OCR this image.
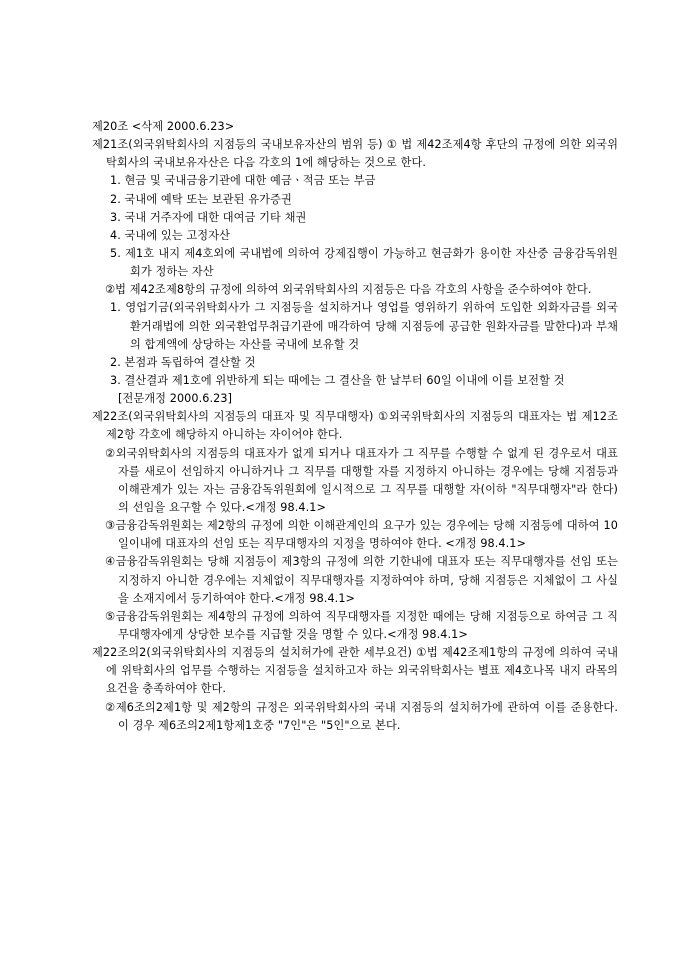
제20조 <삭제 2000.6.23>

제21조(외국위탁회사의 지점등의 국내보유자산의 범위 등) ① 법 제42조제4항 후단의 규정에 의한 외국위탁회사의 국내보유자산은 다음 각호의 1에 해당하는 것으로 한다.

1. 현금 및 국내금융기관에 대한 예금ㆍ적금 또는 부금

2. 국내에 예탁 또는 보관된 유가증권

3. 국내 거주자에 대한 대여금 기타 채권

4. 국내에 있는 고정자산

5. 제1호 내지 제4호외에 국내법에 의하여 강제집행이 가능하고 현금화가 용이한 자산중 금융감독위원회가 정하는 자산

②법 제42조제8항의 규정에 의하여 외국위탁회사의 지점등은 다음 각호의 사항을 준수하여야 한다.

1. 영업기금(외국위탁회사가 그 지점등을 설치하거나 영업를 영위하기 위하여 도입한 외화자금를 외국환거래법에 의한 외국환업무취급기관에 매각하여 당해 지점등에 공급한 원화자금를 말한다)과 부채의 합계액에 상당하는 자산를 국내에 보유할 것

2. 본점과 독립하여 결산할 것

3. 결산결과 제1호에 위반하게 되는 때에는 그 결산을 한 날부터 60일 이내에 이를 보전할 것

[전문개정 2000.6.23]

제22조(외국위탁회사의 지점등의 대표자 및 직무대행자) ①외국위탁회사의 지점등의 대표자는 법 제12조제2항 각호에 해당하지 아니하는 자이어야 한다.

②외국위탁회사의 지점등의 대표자가 없게 되거나 대표자가 그 직무를 수행할 수 없게 된 경우로서 대표자를 새로이 선임하지 아니하거나 그 직무를 대행할 자를 지정하지 아니하는 경우에는 당해 지점등과 이해관계가 있는 자는 금융감독위원회에 일시적으로 그 직무를 대행할 자(이하 "직무대행자"라 한다)의 선임을 요구할 수 있다.<개정 98.4.1>

③금융감독위원회는 제2항의 규정에 의한 이해관계인의 요구가 있는 경우에는 당해 지점등에 대하여 10일이내에 대표자의 선임 또는 직무대행자의 지정을 명하여야 한다. <개정 98.4.1>

④금융감독위원회는 당해 지점등이 제3항의 규정에 의한 기한내에 대표자 또는 직무대행자를 선임 또는 지정하지 아니한 경우에는 지체없이 직무대행자를 지정하여야 하며, 당해 지점등은 지체없이 그 사실을 소재지에서 등기하여야 한다.<개정 98.4.1>

⑤금융감독위원회는 제4항의 규정에 의하여 직무대행자를 지정한 때에는 당해 지점등으로 하여금 그 직무대행자에게 상당한 보수를 지급할 것을 명할 수 있다.<개정 98.4.1>

제22조의2(외국위탁회사의 지점등의 설치허가에 관한 세부요건) ①법 제42조제1항의 규정에 의하여 국내에 위탁회사의 업무를 수행하는 지점등을 설치하고자 하는 외국위탁회사는 별표 제4호나목 내지 라목의 요건을 충족하여야 한다.

②제6조의2제1항 및 제2항의 규정은 외국위탁회사의 국내 지점등의 설치허가에 관하여 이를 준용한다. 이 경우 제6조의2제1항제1호중 "7인"은 "5인"으로 본다.
